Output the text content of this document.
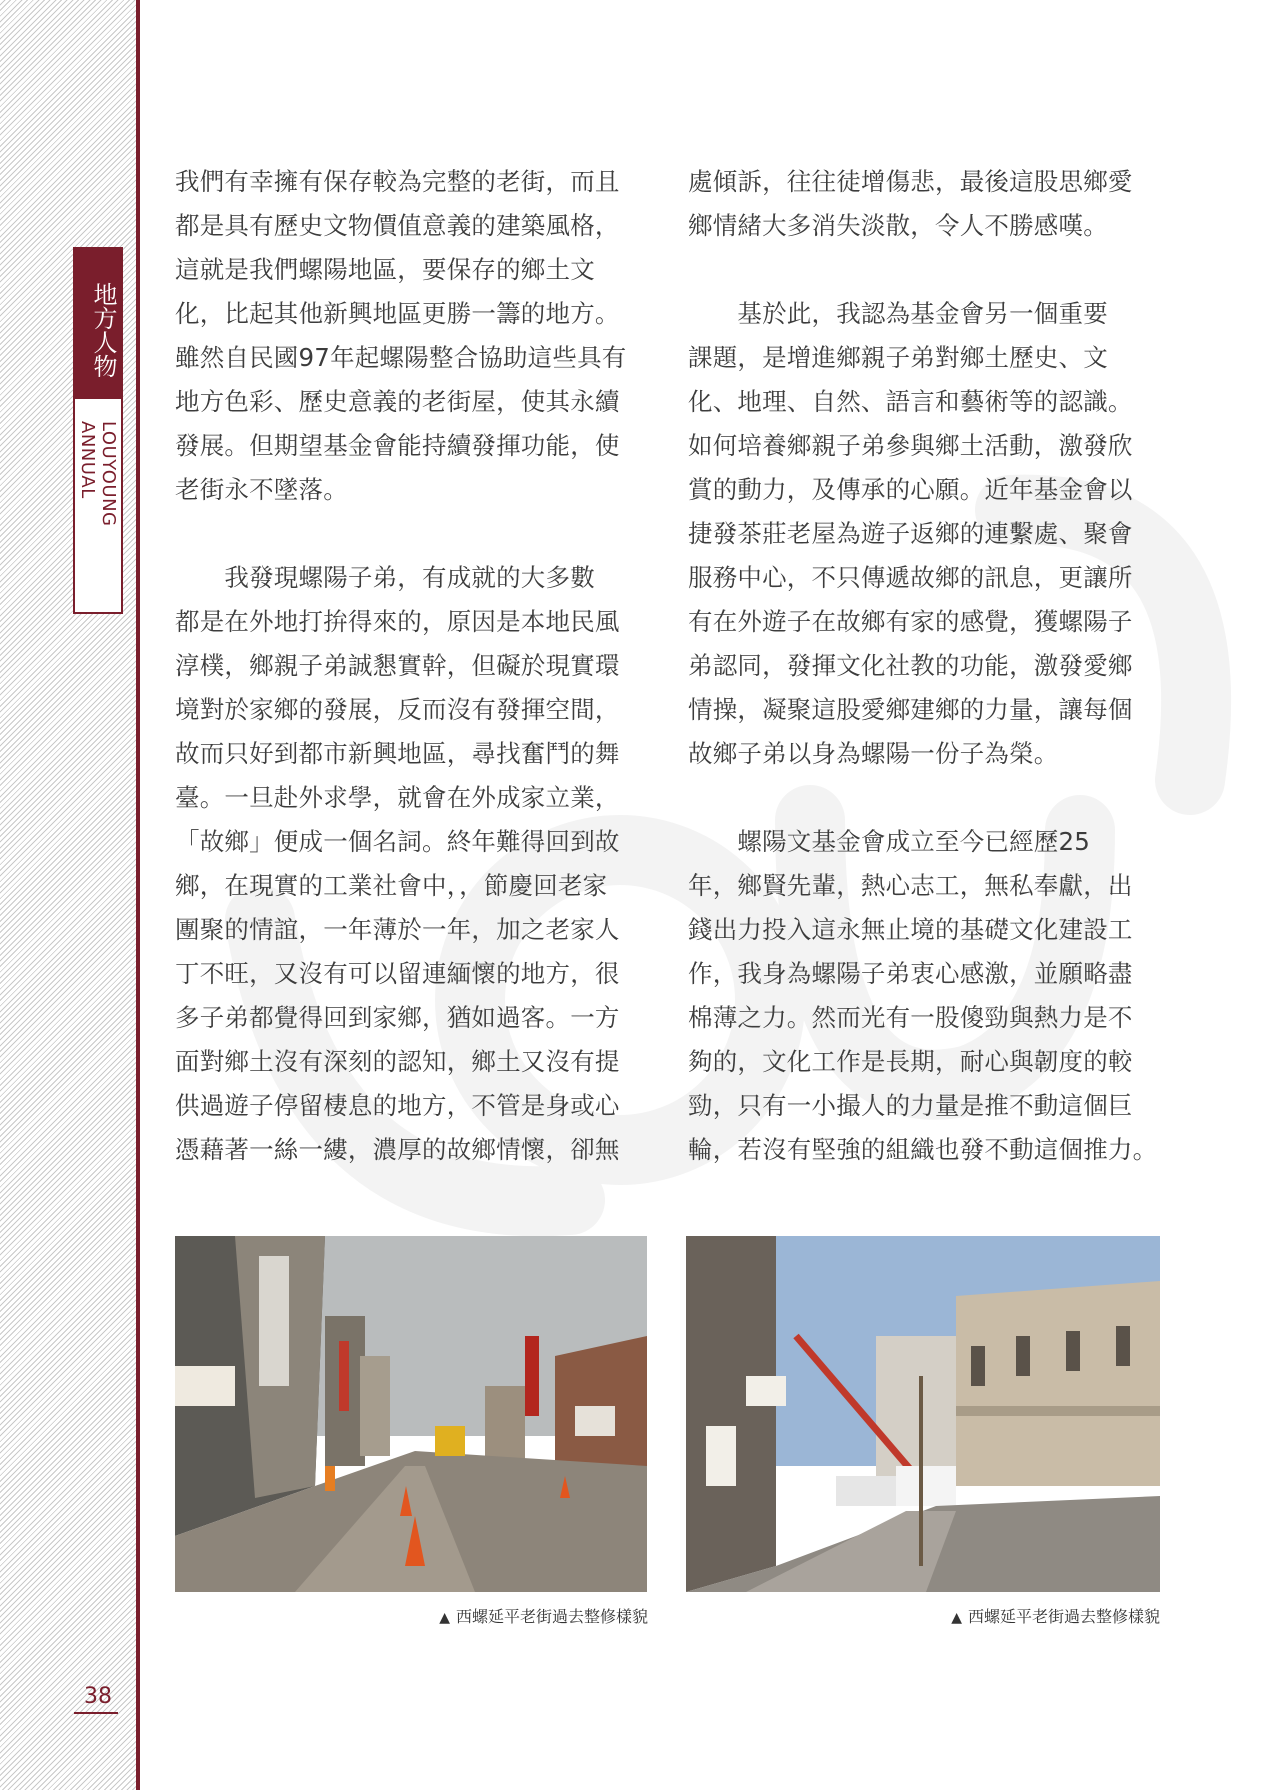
地方人物
LOUYOUNG ANNUAL
38

我們有幸擁有保存較為完整的老街，而且

都是具有歷史文物價值意義的建築風格，

這就是我們螺陽地區，要保存的鄉土文

化，比起其他新興地區更勝一籌的地方。

雖然自民國97年起螺陽整合協助這些具有

地方色彩、歷史意義的老街屋，使其永續

發展。但期望基金會能持續發揮功能，使

老街永不墜落。

　　我發現螺陽子弟，有成就的大多數

都是在外地打拚得來的，原因是本地民風

淳樸，鄉親子弟誠懇實幹，但礙於現實環

境對於家鄉的發展，反而沒有發揮空間，

故而只好到都市新興地區，尋找奮鬥的舞

臺。一旦赴外求學，就會在外成家立業，

「故鄉」便成一個名詞。終年難得回到故

鄉，在現實的工業社會中，，節慶回老家

團聚的情誼，一年薄於一年，加之老家人

丁不旺，又沒有可以留連緬懷的地方，很

多子弟都覺得回到家鄉，猶如過客。一方

面對鄉土沒有深刻的認知，鄉土又沒有提

供過遊子停留棲息的地方，不管是身或心

憑藉著一絲一縷，濃厚的故鄉情懷，卻無

處傾訴，往往徒增傷悲，最後這股思鄉愛

鄉情緒大多消失淡散，令人不勝感嘆。

　　基於此，我認為基金會另一個重要

課題，是增進鄉親子弟對鄉土歷史、文

化、地理、自然、語言和藝術等的認識。

如何培養鄉親子弟參與鄉土活動，激發欣

賞的動力，及傳承的心願。近年基金會以

捷發茶莊老屋為遊子返鄉的連繫處、聚會

服務中心，不只傳遞故鄉的訊息，更讓所

有在外遊子在故鄉有家的感覺，獲螺陽子

弟認同，發揮文化社教的功能，激發愛鄉

情操，凝聚這股愛鄉建鄉的力量，讓每個

故鄉子弟以身為螺陽一份子為榮。

　　螺陽文基金會成立至今已經歷25

年，鄉賢先輩，熱心志工，無私奉獻，出

錢出力投入這永無止境的基礎文化建設工

作，我身為螺陽子弟衷心感激，並願略盡

棉薄之力。然而光有一股傻勁與熱力是不

夠的，文化工作是長期，耐心與韌度的較

勁，只有一小撮人的力量是推不動這個巨

輪，若沒有堅強的組織也發不動這個推力。

▲ 西螺延平老街過去整修樣貌	▲ 西螺延平老街過去整修樣貌
